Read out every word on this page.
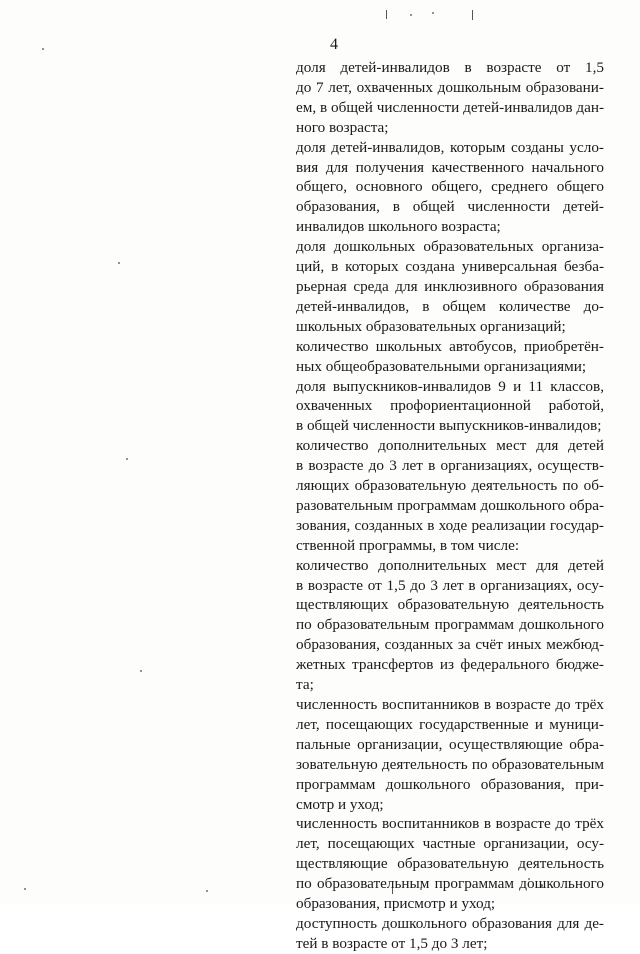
4

доля детей-инвалидов в возрасте от 1,5
до 7 лет, охваченных дошкольным образовани-
ем, в общей численности детей-инвалидов дан-
ного возраста;

доля детей-инвалидов, которым созданы усло-
вия для получения качественного начального
общего, основного общего, среднего общего
образования, в общей численности детей-
инвалидов школьного возраста;

доля дошкольных образовательных организа-
ций, в которых создана универсальная безба-
рьерная среда для инклюзивного образования
детей-инвалидов, в общем количестве до-
школьных образовательных организаций;

количество школьных автобусов, приобретён-
ных общеобразовательными организациями;

доля выпускников-инвалидов 9 и 11 классов,
охваченных профориентационной работой,
в общей численности выпускников-инвалидов;

количество дополнительных мест для детей
в возрасте до 3 лет в организациях, осуществ-
ляющих образовательную деятельность по об-
разовательным программам дошкольного обра-
зования, созданных в ходе реализации государ-
ственной программы, в том числе:

количество дополнительных мест для детей
в возрасте от 1,5 до 3 лет в организациях, осу-
ществляющих образовательную деятельность
по образовательным программам дошкольного
образования, созданных за счёт иных межбюд-
жетных трансфертов из федерального бюдже-
та;

численность воспитанников в возрасте до трёх
лет, посещающих государственные и муници-
пальные организации, осуществляющие обра-
зовательную деятельность по образовательным
программам дошкольного образования, при-
смотр и уход;

численность воспитанников в возрасте до трёх
лет, посещающих частные организации, осу-
ществляющие образовательную деятельность
по образовательным программам дошкольного
образования, присмотр и уход;

доступность дошкольного образования для де-
тей в возрасте от 1,5 до 3 лет;
